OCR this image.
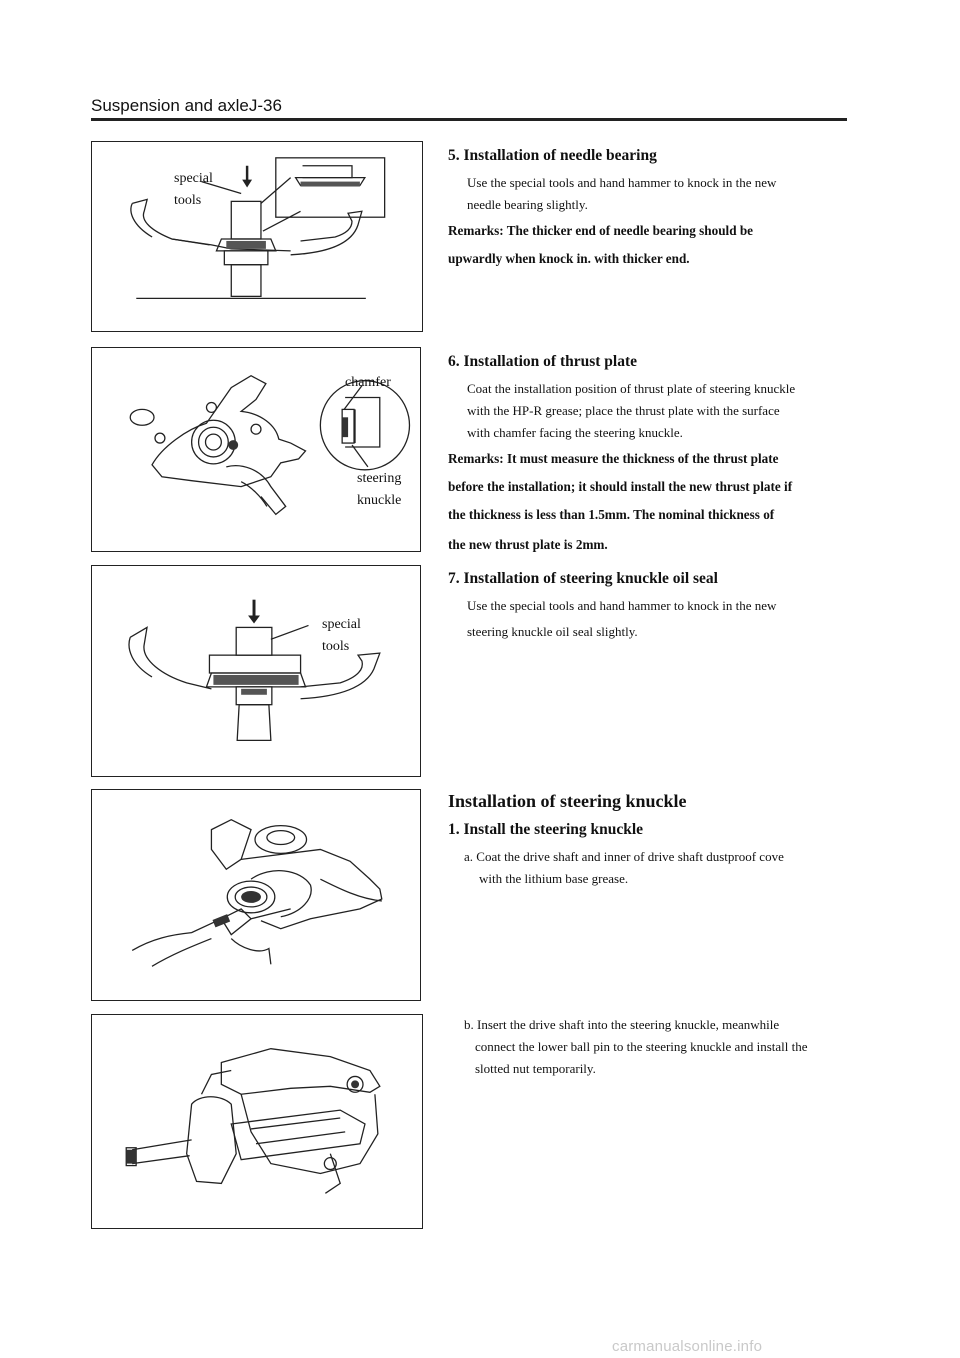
Suspension and axleJ-36
special
tools
chamfer
steering
knuckle
special
tools
5. Installation of needle bearing
Use the special tools and hand hammer to knock in the new
needle bearing slightly.
Remarks: The thicker end of needle bearing should be
upwardly when knock in. with thicker end.
6. Installation of thrust plate
Coat the installation position of thrust plate of steering knuckle
with the HP-R grease; place the thrust plate with the surface
with chamfer facing the steering knuckle.
Remarks: It must measure the thickness of the thrust plate
before the installation; it should install the new thrust plate if
the thickness is less than 1.5mm. The nominal thickness of
the new thrust plate is 2mm.
7. Installation of steering knuckle oil seal
Use the special tools and hand hammer to knock in the new
steering knuckle oil seal slightly.
Installation of steering knuckle
1. Install the steering knuckle
a. Coat the drive shaft and inner of drive shaft dustproof cove
with the lithium base grease.
b. Insert the drive shaft into the steering knuckle, meanwhile
connect the lower ball pin to the steering knuckle and install the
slotted nut temporarily.
carmanualsonline.info
